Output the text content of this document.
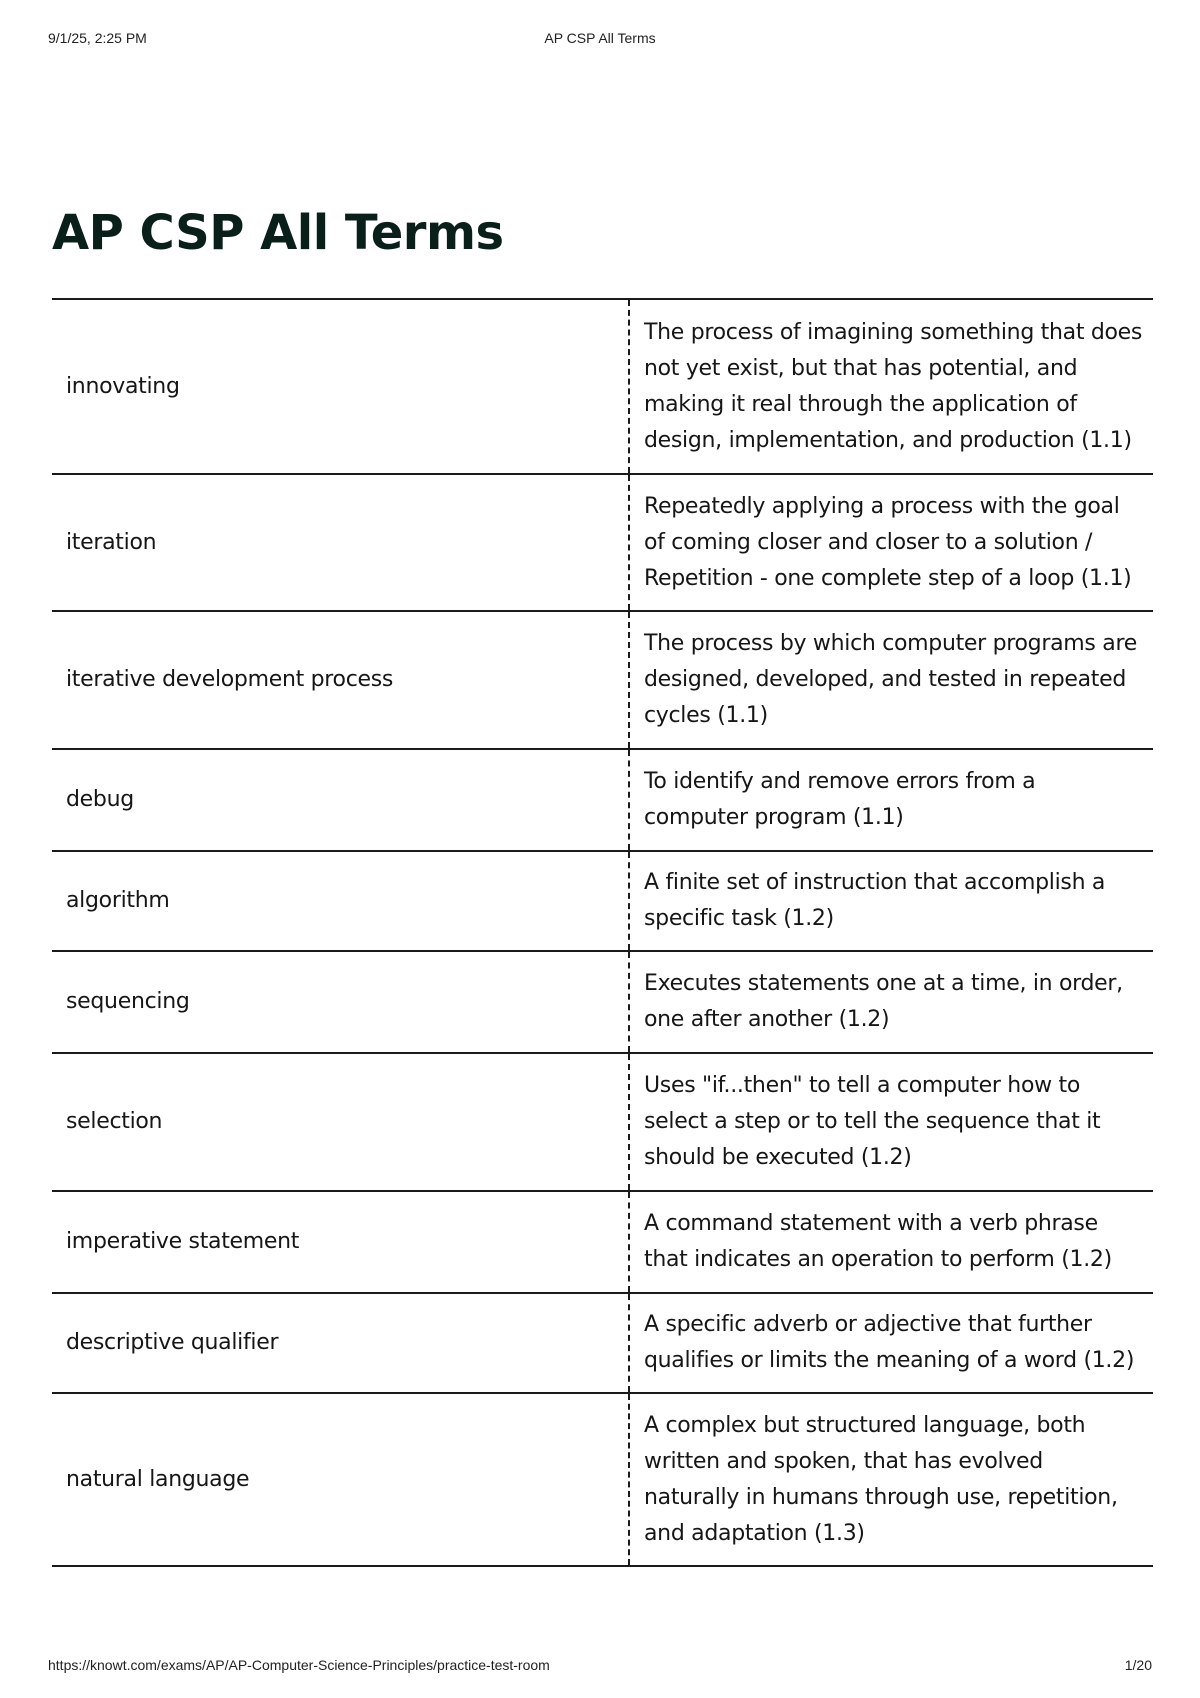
9/1/25, 2:25 PM	AP CSP All Terms
AP CSP All Terms
innovating	The process of imagining something that does not yet exist, but that has potential, and making it real through the application of design, implementation, and production (1.1)
iteration	Repeatedly applying a process with the goal of coming closer and closer to a solution / Repetition - one complete step of a loop (1.1)
iterative development process	The process by which computer programs are designed, developed, and tested in repeated cycles (1.1)
debug	To identify and remove errors from a computer program (1.1)
algorithm	A finite set of instruction that accomplish a specific task (1.2)
sequencing	Executes statements one at a time, in order, one after another (1.2)
selection	Uses "if...then" to tell a computer how to select a step or to tell the sequence that it should be executed (1.2)
imperative statement	A command statement with a verb phrase that indicates an operation to perform (1.2)
descriptive qualifier	A specific adverb or adjective that further qualifies or limits the meaning of a word (1.2)
natural language	A complex but structured language, both written and spoken, that has evolved naturally in humans through use, repetition, and adaptation (1.3)
https://knowt.com/exams/AP/AP-Computer-Science-Principles/practice-test-room	1/20
